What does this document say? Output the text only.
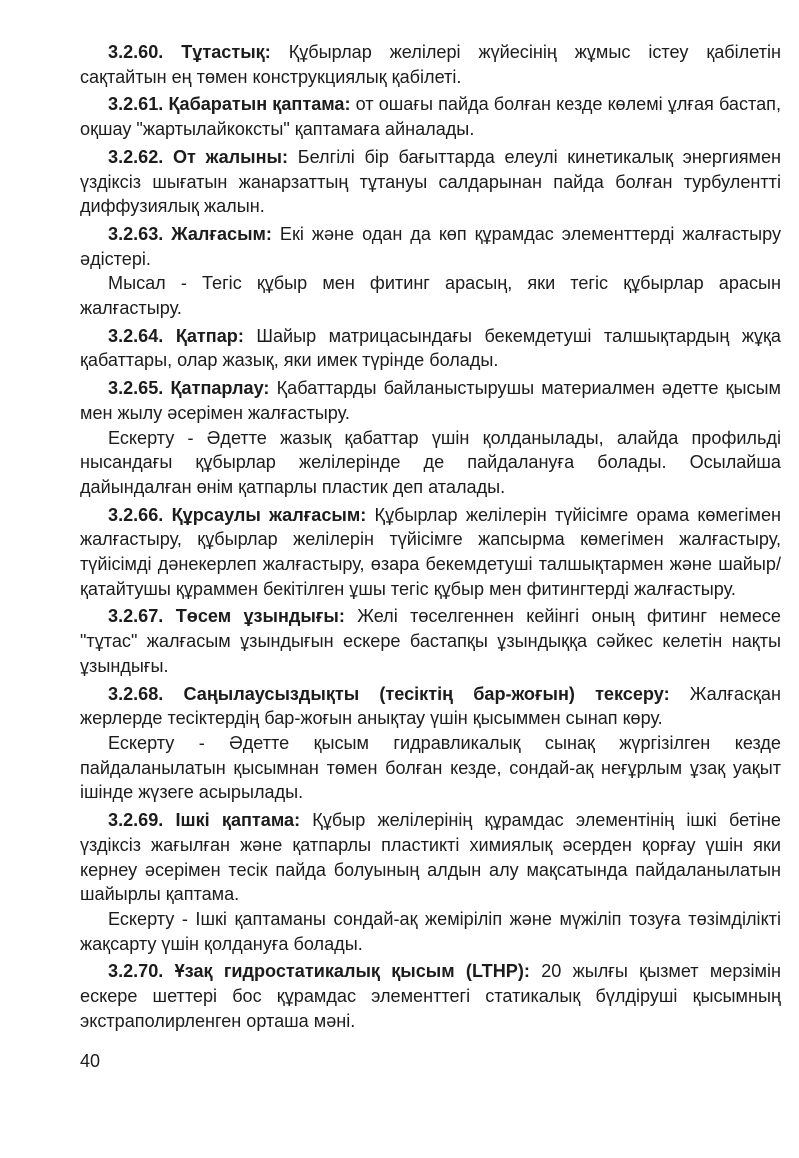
3.2.60. Тұтастық: Құбырлар желілері жүйесінің жұмыс істеу қабілетін сақтайтын ең төмен конструкциялық қабілеті.

3.2.61. Қабаратын қаптама: от ошағы пайда болған кезде көлемі ұлғая бастап, оқшау "жартылайкоксты" қаптамаға айналады.

3.2.62. От жалыны: Белгілі бір бағыттарда елеулі кинетикалық энергиямен үздіксіз шығатын жанарзаттың тұтануы салдарынан пайда болған турбулентті диффузиялық жалын.

3.2.63. Жалғасым: Екі және одан да көп құрамдас элементтерді жалғастыру әдістері.

Мысал - Тегіс құбыр мен фитинг арасың, яки тегіс құбырлар арасын жалғастыру.

3.2.64. Қатпар: Шайыр матрицасындағы бекемдетуші талшықтардың жұқа қабаттары, олар жазық, яки имек түрінде болады.

3.2.65. Қатпарлау: Қабаттарды байланыстырушы материалмен әдетте қысым мен жылу әсерімен жалғастыру.

Ескерту - Әдетте жазық қабаттар үшін қолданылады, алайда профильді нысандағы құбырлар желілерінде де пайдалануға болады. Осылайша дайындалған өнім қатпарлы пластик деп аталады.

3.2.66. Құрсаулы жалғасым: Құбырлар желілерін түйісімге орама көмегімен жалғастыру, құбырлар желілерін түйісімге жапсырма көмегімен жалғастыру, түйісімді дәнекерлеп жалғастыру, өзара бекемдетуші талшықтармен және шайыр/қатайтушы құраммен бекітілген ұшы тегіс құбыр мен фитингтерді жалғастыру.

3.2.67. Төсем ұзындығы: Желі төселгеннен кейінгі оның фитинг немесе "тұтас" жалғасым ұзындығын ескере бастапқы ұзындыққа сәйкес келетін нақты ұзындығы.

3.2.68. Саңылаусыздықты (тесіктің бар-жоғын) тексеру: Жалғасқан жерлерде тесіктердің бар-жоғын анықтау үшін қысыммен сынап көру.

Ескерту - Әдетте қысым гидравликалық сынақ жүргізілген кезде пайдаланылатын қысымнан төмен болған кезде, сондай-ақ неғұрлым ұзақ уақыт ішінде жүзеге асырылады.

3.2.69. Ішкі қаптама: Құбыр желілерінің құрамдас элементінің ішкі бетіне үздіксіз жағылған және қатпарлы пластикті химиялық әсерден қорғау үшін яки кернеу әсерімен тесік пайда болуының алдын алу мақсатында пайдаланылатын шайырлы қаптама.

Ескерту - Ішкі қаптаманы сондай-ақ жеміріліп және мүжіліп тозуға төзімділікті жақсарту үшін қолдануға болады.

3.2.70. Ұзақ гидростатикалық қысым (LTHP): 20 жылғы қызмет мерзімін ескере шеттері бос құрамдас элементтегі статикалық бүлдіруші қысымның экстраполирленген орташа мәні.

40
